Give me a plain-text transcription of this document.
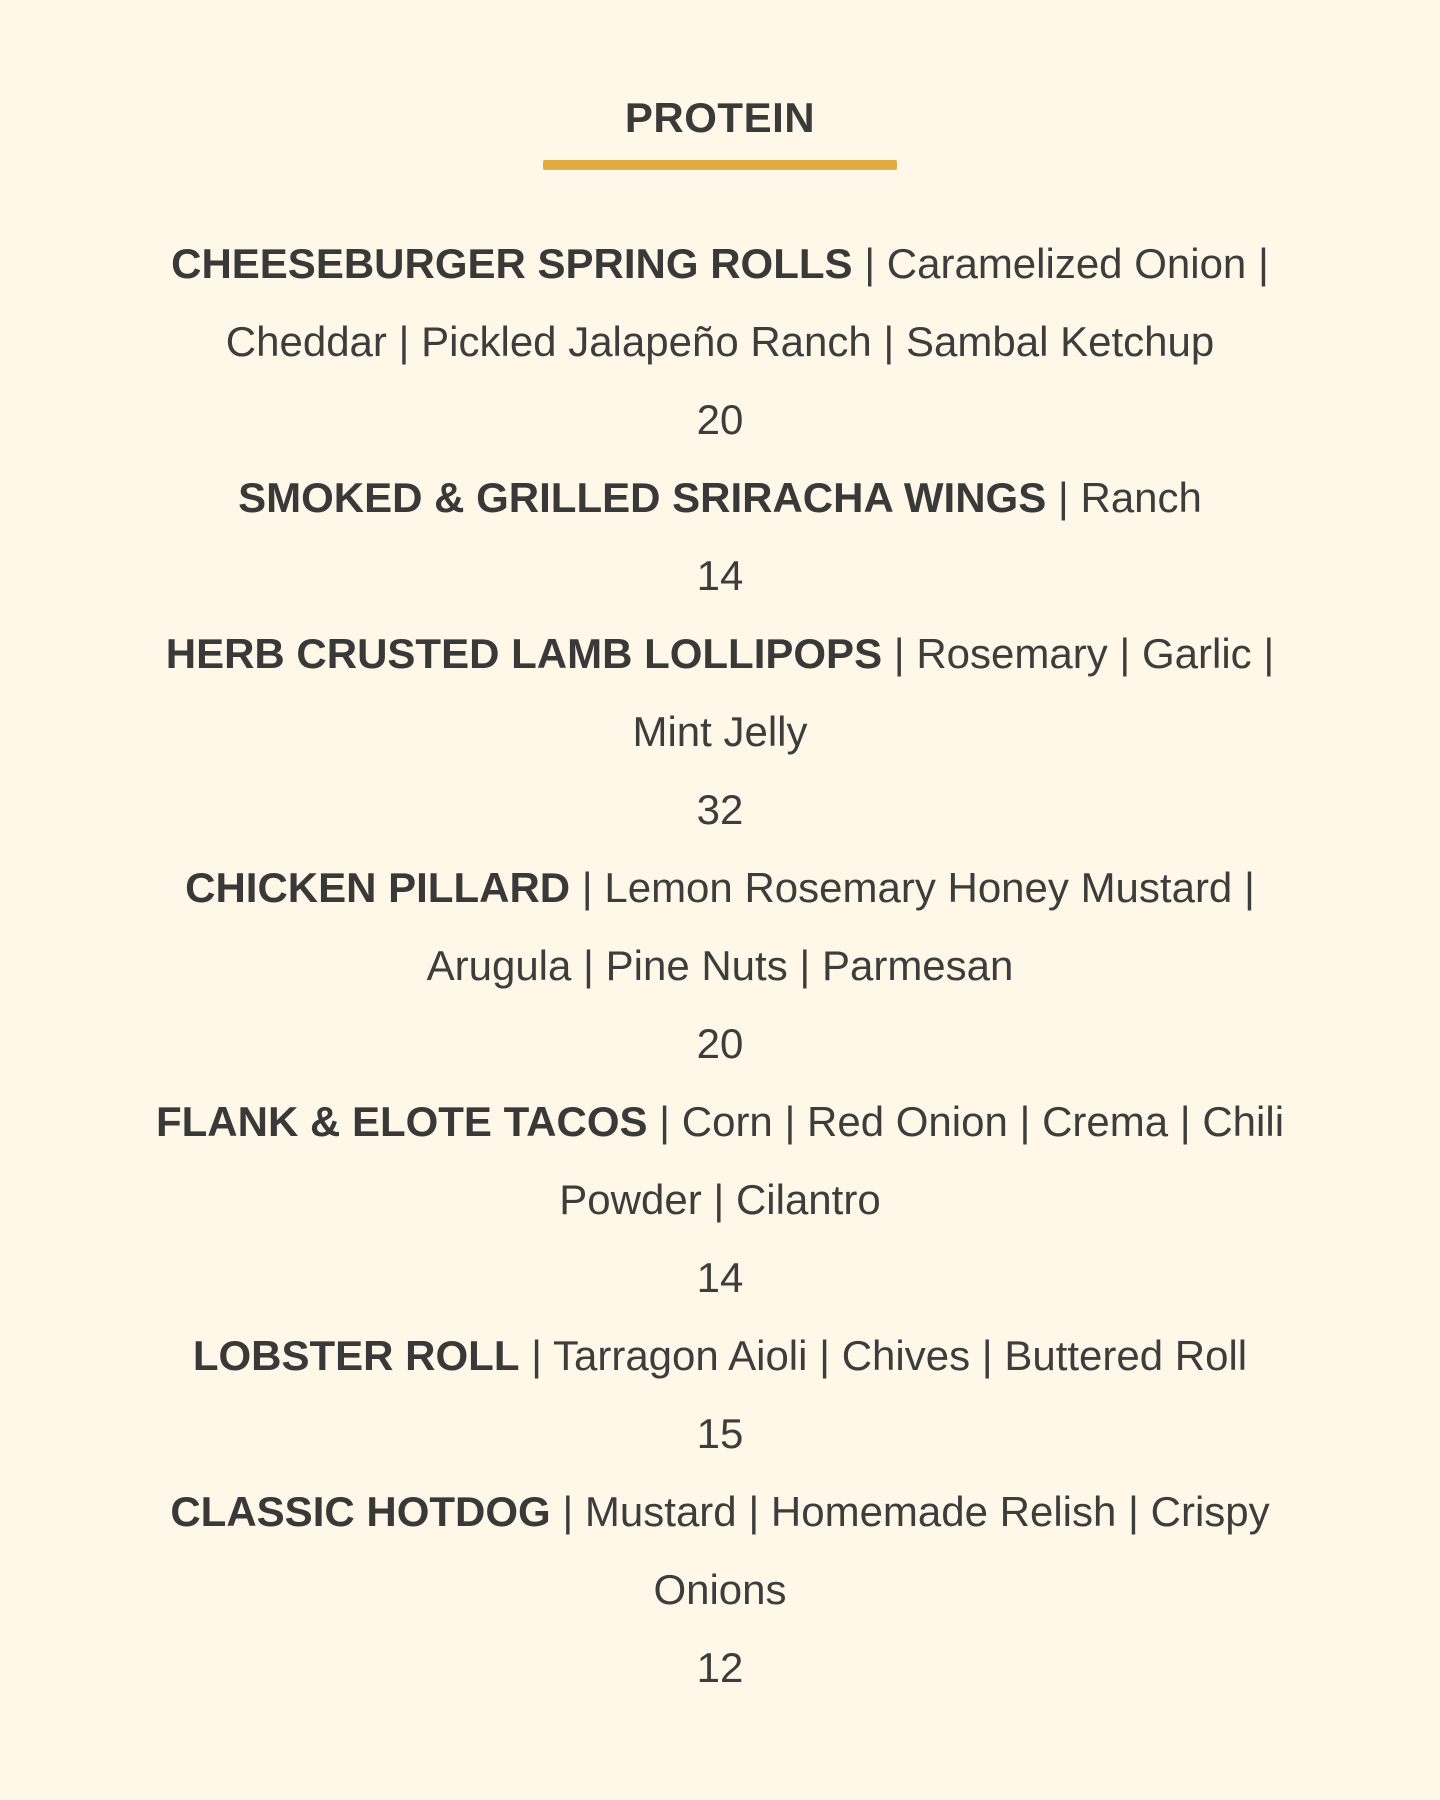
PROTEIN
CHEESEBURGER SPRING ROLLS | Caramelized Onion | Cheddar | Pickled Jalapeño Ranch | Sambal Ketchup
20
SMOKED & GRILLED SRIRACHA WINGS | Ranch
14
HERB CRUSTED LAMB LOLLIPOPS | Rosemary | Garlic | Mint Jelly
32
CHICKEN PILLARD | Lemon Rosemary Honey Mustard | Arugula | Pine Nuts | Parmesan
20
FLANK & ELOTE TACOS | Corn | Red Onion | Crema | Chili Powder | Cilantro
14
LOBSTER ROLL | Tarragon Aioli | Chives | Buttered Roll
15
CLASSIC HOTDOG | Mustard | Homemade Relish | Crispy Onions
12
